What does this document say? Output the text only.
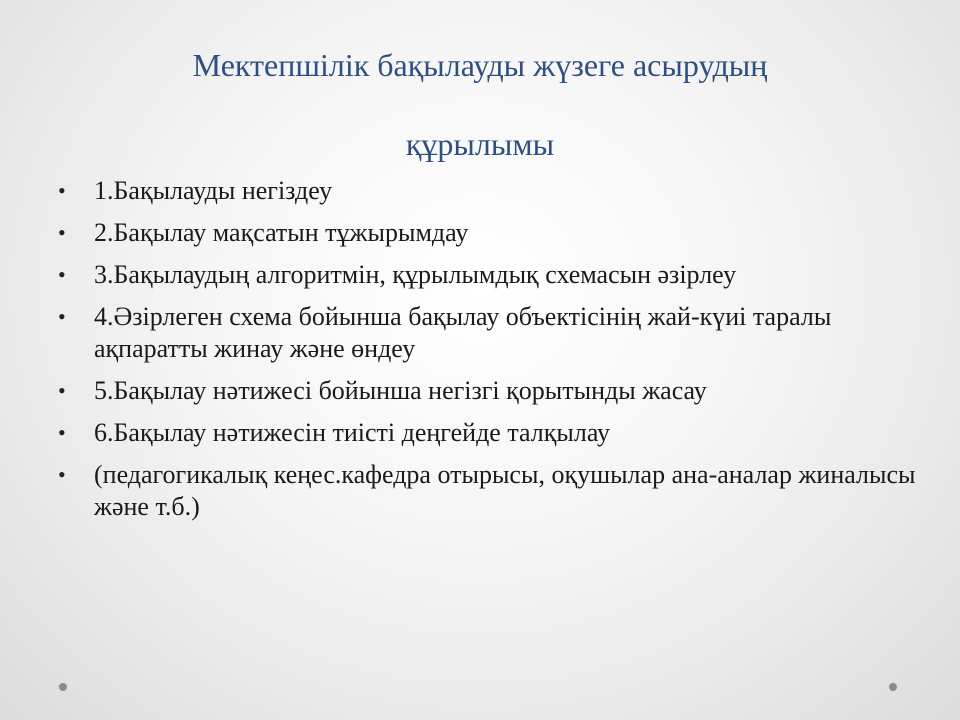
Мектепшілік бақылауды жүзеге асырудың
құрылымы
• 1.Бақылауды негіздеу
• 2.Бақылау мақсатын тұжырымдау
• 3.Бақылаудың алгоритмін, құрылымдық схемасын әзірлеу
• 4.Әзірлеген схема бойынша бақылау объектісінің жай-күиі таралы ақпаратты жинау және өндеу
• 5.Бақылау нәтижесі бойынша негізгі қорытынды жасау
• 6.Бақылау нәтижесін тиісті деңгейде талқылау
• (педагогикалық кеңес.кафедра отырысы, оқушылар ана-аналар жиналысы және т.б.)
